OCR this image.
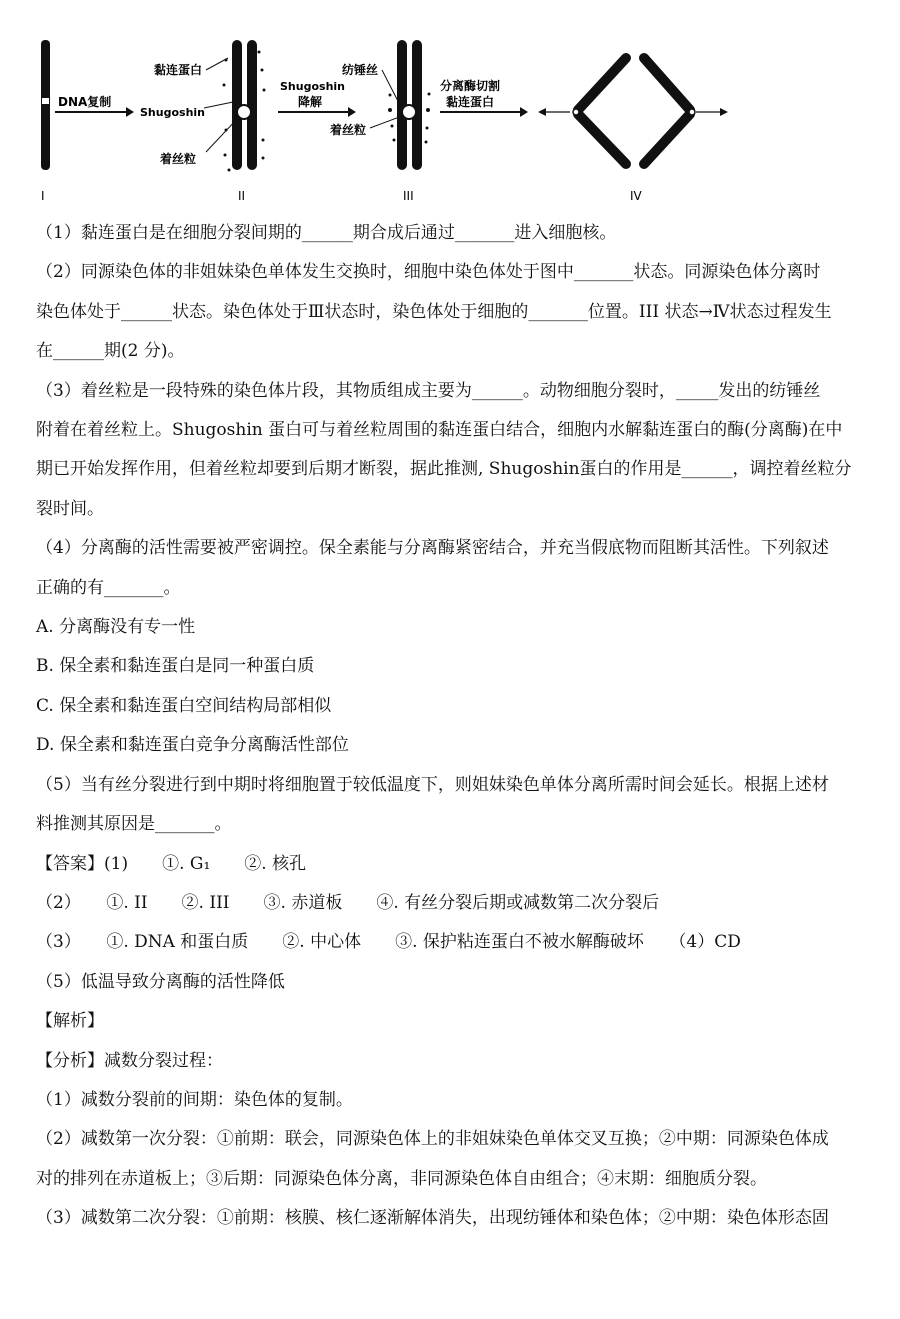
DNA复制
黏连蛋白
Shugoshin
着丝粒
Shugoshin
降解
纺锤丝
着丝粒
分离酶切割
黏连蛋白
I	II	III	IV

（1）黏连蛋白是在细胞分裂间期的______期合成后通过_______进入细胞核。

（2）同源染色体的非姐妹染色单体发生交换时，细胞中染色体处于图中_______状态。同源染色体分离时

染色体处于______状态。染色体处于Ⅲ状态时，染色体处于细胞的_______位置。III 状态→Ⅳ状态过程发生

在______期(2 分)。

（3）着丝粒是一段特殊的染色体片段，其物质组成主要为______。动物细胞分裂时，_____发出的纺锤丝

附着在着丝粒上。Shugoshin 蛋白可与着丝粒周围的黏连蛋白结合，细胞内水解黏连蛋白的酶(分离酶)在中

期已开始发挥作用，但着丝粒却要到后期才断裂，据此推测, Shugoshin蛋白的作用是______，调控着丝粒分

裂时间。

（4）分离酶的活性需要被严密调控。保全素能与分离酶紧密结合，并充当假底物而阻断其活性。下列叙述

正确的有_______。

A. 分离酶没有专一性

B. 保全素和黏连蛋白是同一种蛋白质

C. 保全素和黏连蛋白空间结构局部相似

D. 保全素和黏连蛋白竞争分离酶活性部位

（5）当有丝分裂进行到中期时将细胞置于较低温度下，则姐妹染色单体分离所需时间会延长。根据上述材

料推测其原因是_______。

【答案】(1)　　①. G₁　　②. 核孔

（2）　　①. II　　②. III　　③. 赤道板　　④. 有丝分裂后期或减数第二次分裂后

（3）　　①. DNA 和蛋白质　　②. 中心体　　③. 保护粘连蛋白不被水解酶破坏　　（4）CD

（5）低温导致分离酶的活性降低

【解析】

【分析】减数分裂过程：

（1）减数分裂前的间期：染色体的复制。

（2）减数第一次分裂：①前期：联会，同源染色体上的非姐妹染色单体交叉互换；②中期：同源染色体成

对的排列在赤道板上；③后期：同源染色体分离，非同源染色体自由组合；④末期：细胞质分裂。

（3）减数第二次分裂：①前期：核膜、核仁逐渐解体消失，出现纺锤体和染色体；②中期：染色体形态固
